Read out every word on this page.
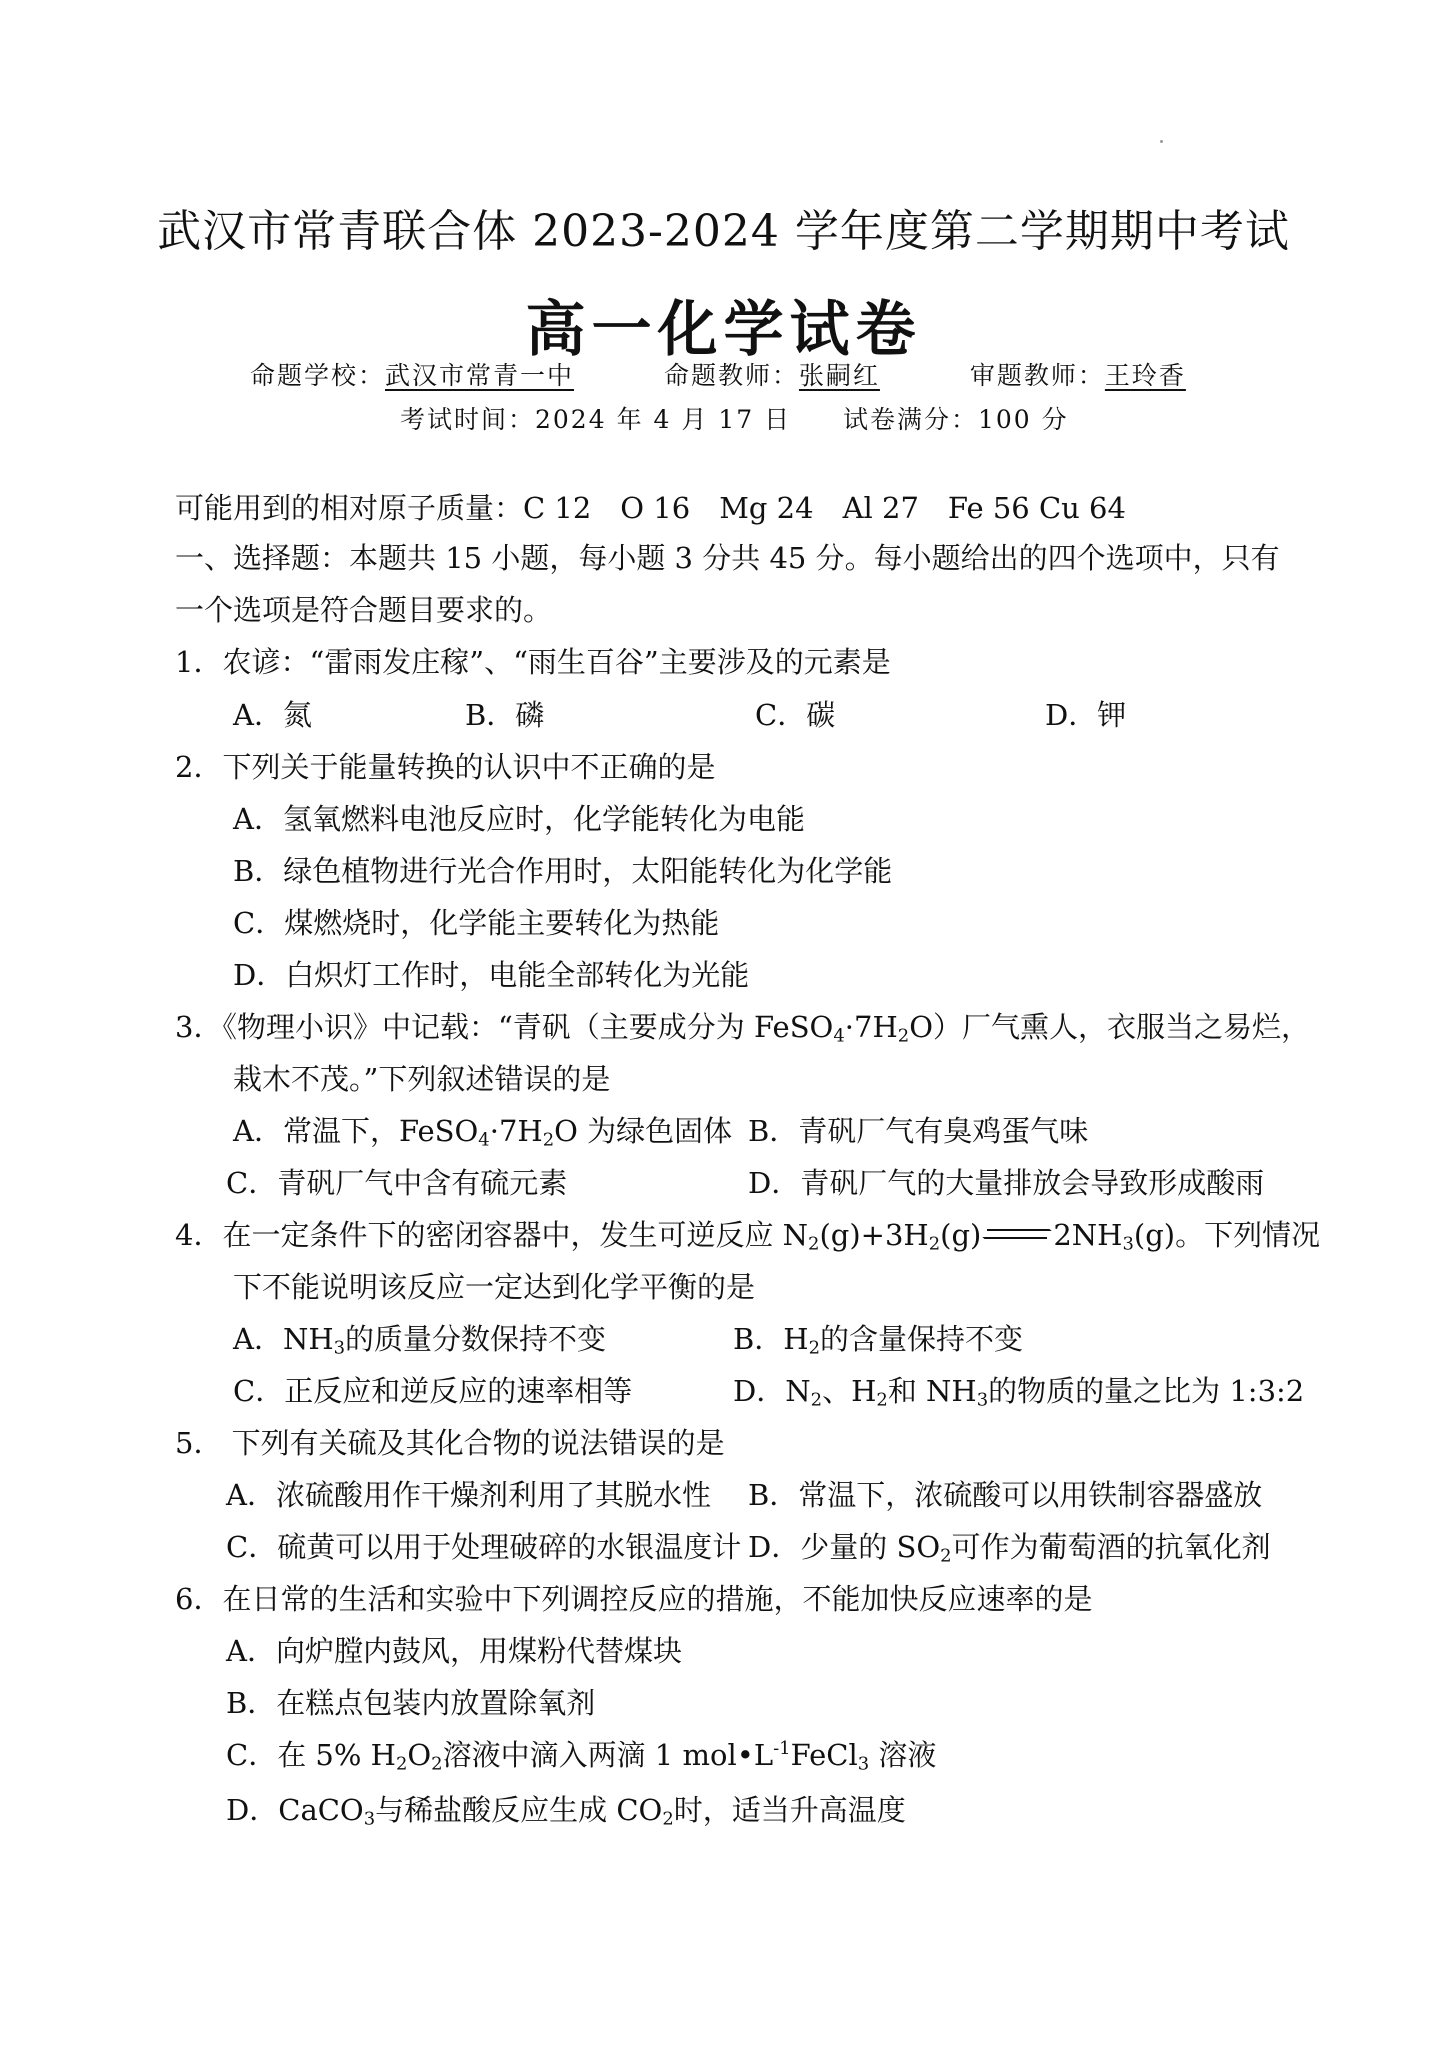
武汉市常青联合体 2023-2024 学年度第二学期期中考试
高一化学试卷
命题学校：武汉市常青一中	命题教师：张嗣红	审题教师：王玲香
考试时间：2024 年 4 月 17 日 试卷满分：100 分
可能用到的相对原子质量：C 12　O 16　Mg 24　Al 27　Fe 56 Cu 64
一、选择题：本题共 15 小题，每小题 3 分共 45 分。每小题给出的四个选项中，只有
一个选项是符合题目要求的。
1．农谚：“雷雨发庄稼”、“雨生百谷”主要涉及的元素是
A．氮	B．磷	C．碳	D．钾
2．下列关于能量转换的认识中不正确的是
A．氢氧燃料电池反应时，化学能转化为电能
B．绿色植物进行光合作用时，太阳能转化为化学能
C．煤燃烧时，化学能主要转化为热能
D．白炽灯工作时，电能全部转化为光能
3．《物理小识》中记载：“青矾（主要成分为 $FeSO_4\cdot 7H_2O$）厂气熏人，衣服当之易烂，
栽木不茂。”下列叙述错误的是
A．常温下，$FeSO_4\cdot 7H_2O$ 为绿色固体 B．青矾厂气有臭鸡蛋气味
C．青矾厂气中含有硫元素	D．青矾厂气的大量排放会导致形成酸雨
4．在一定条件下的密闭容器中，发生可逆反应 $N_2(g)+3H_2(g)$ $2NH_3(g)$。下列情况
下不能说明该反应一定达到化学平衡的是
A．$NH_3$的质量分数保持不变	B．$H_2$的含量保持不变
C．正反应和逆反应的速率相等	D．$N_2$、$H_2$和 $NH_3$的物质的量之比为 1:3:2
5． 下列有关硫及其化合物的说法错误的是
A．浓硫酸用作干燥剂利用了其脱水性 B．常温下，浓硫酸可以用铁制容器盛放
C．硫黄可以用于处理破碎的水银温度计 D．少量的 $SO_2$可作为葡萄酒的抗氧化剂
6．在日常的生活和实验中下列调控反应的措施，不能加快反应速率的是
A．向炉膛内鼓风，用煤粉代替煤块
B．在糕点包装内放置除氧剂
C．在 5% $H_2O_2$溶液中滴入两滴 1 $mol•L^{-1}FeCl_3$ 溶液
D．CaCO$_3$与稀盐酸反应生成 $CO_2$时，适当升高温度
